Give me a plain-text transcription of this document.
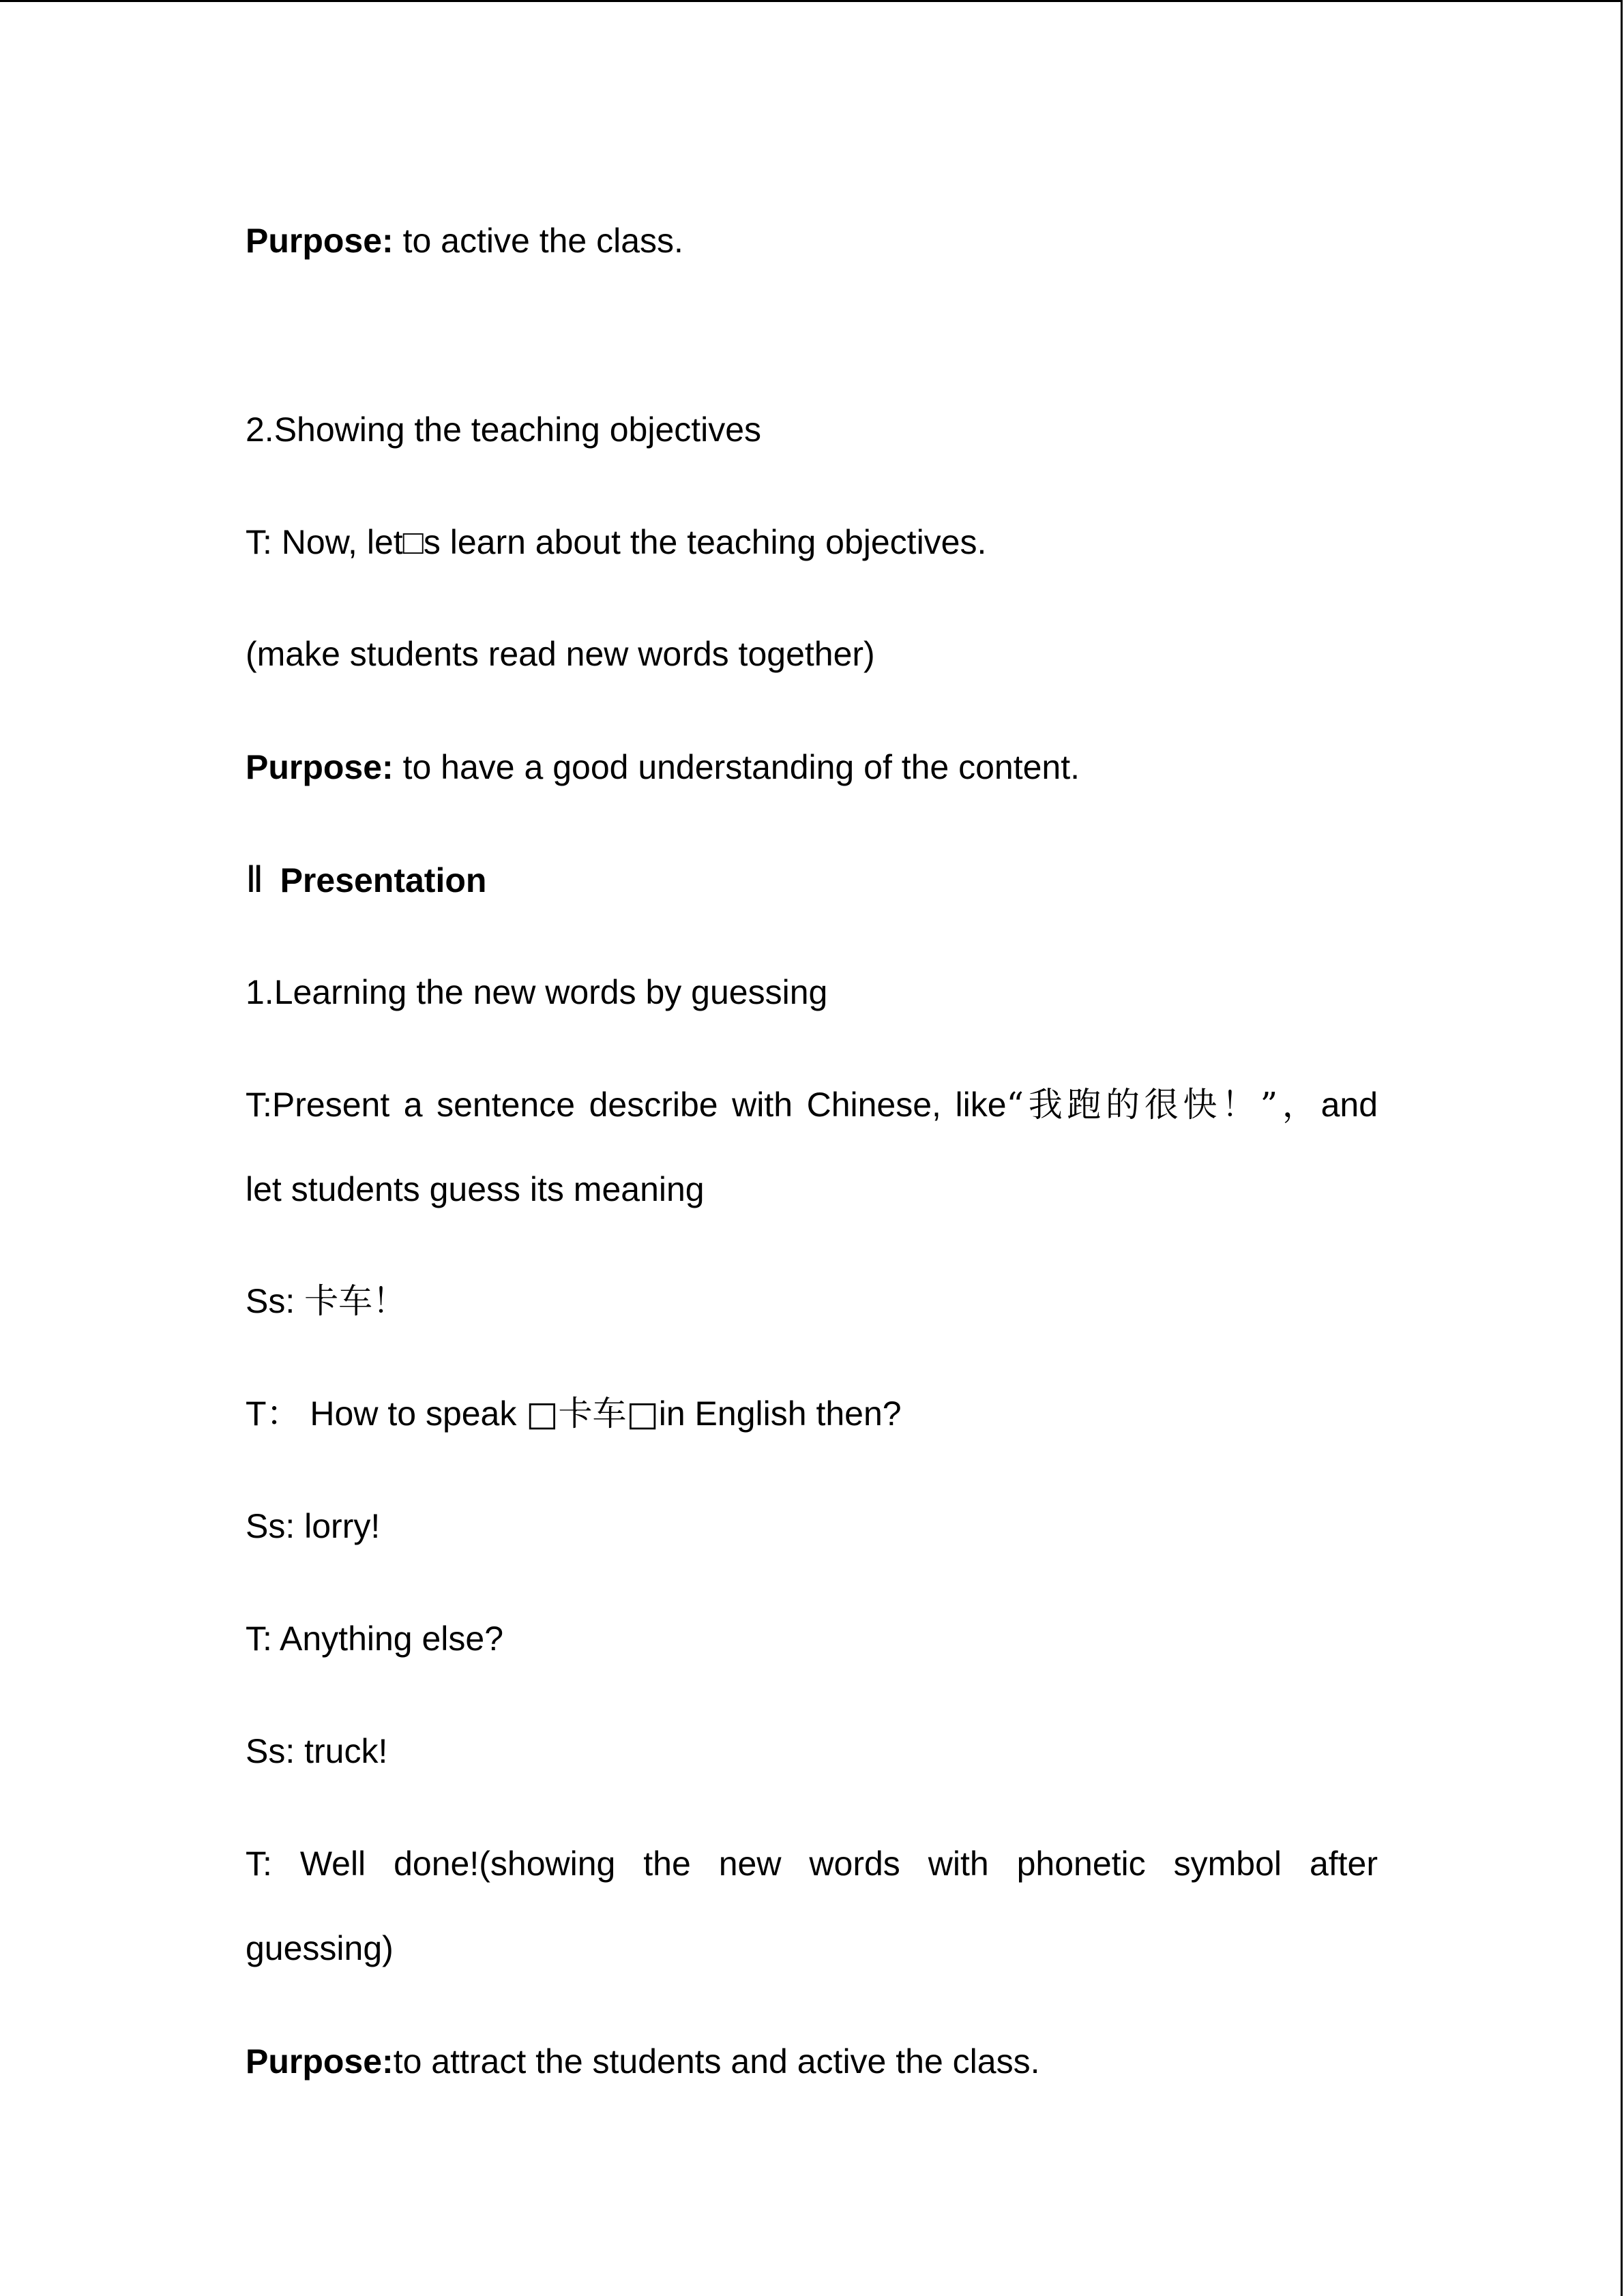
Purpose: to active the class.
2.Showing the teaching objectives
T: Now, let□s learn about the teaching objectives.
(make students read new words together)
Purpose: to have a good understanding of the content.
Ⅱ Presentation
1.Learning the new words by guessing
T:Present a sentence describe with Chinese, like“我跑的很快！”，and
let students guess its meaning
Ss: 卡车！
T： How to speak □卡车□in English then?
Ss: lorry!
T: Anything else?
Ss: truck!
T: Well done!(showing the new words with phonetic symbol after
guessing)
Purpose:to attract the students and active the class.
